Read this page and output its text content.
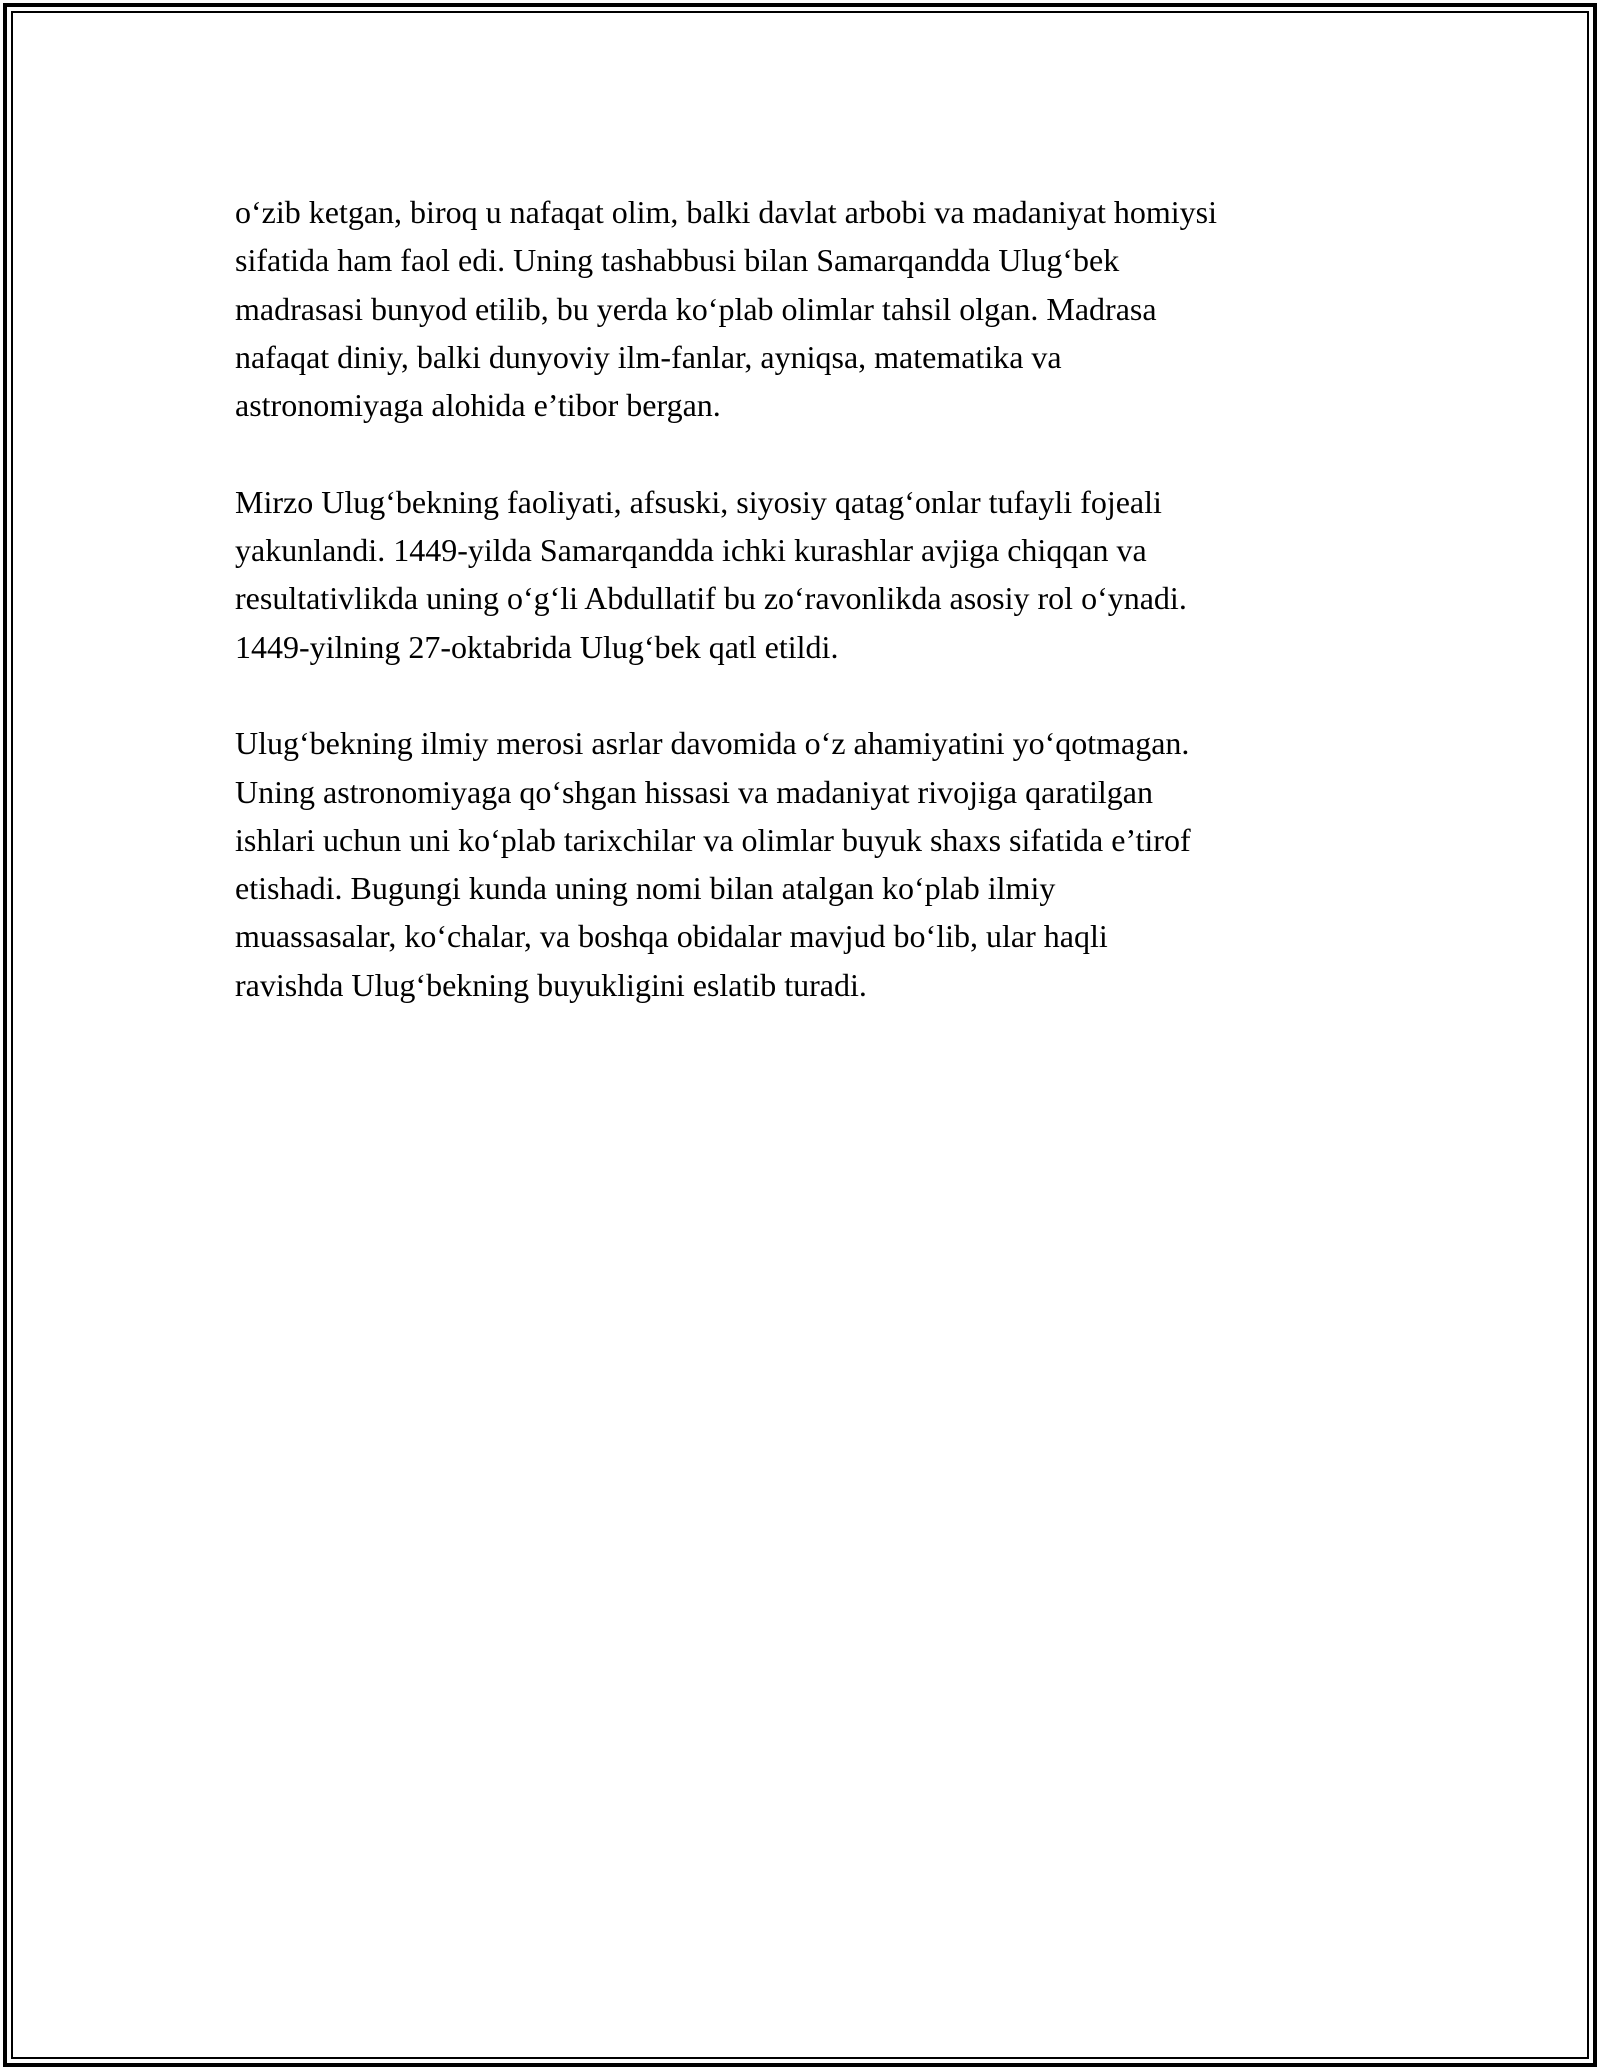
o‘zib ketgan, biroq u nafaqat olim, balki davlat arbobi va madaniyat homiysi
sifatida ham faol edi. Uning tashabbusi bilan Samarqandda Ulug‘bek
madrasasi bunyod etilib, bu yerda ko‘plab olimlar tahsil olgan. Madrasa
nafaqat diniy, balki dunyoviy ilm-fanlar, ayniqsa, matematika va
astronomiyaga alohida e’tibor bergan.

Mirzo Ulug‘bekning faoliyati, afsuski, siyosiy qatag‘onlar tufayli fojeali
yakunlandi. 1449-yilda Samarqandda ichki kurashlar avjiga chiqqan va
resultativlikda uning o‘g‘li Abdullatif bu zo‘ravonlikda asosiy rol o‘ynadi.
1449-yilning 27-oktabrida Ulug‘bek qatl etildi.

Ulug‘bekning ilmiy merosi asrlar davomida o‘z ahamiyatini yo‘qotmagan.
Uning astronomiyaga qo‘shgan hissasi va madaniyat rivojiga qaratilgan
ishlari uchun uni ko‘plab tarixchilar va olimlar buyuk shaxs sifatida e’tirof
etishadi. Bugungi kunda uning nomi bilan atalgan ko‘plab ilmiy
muassasalar, ko‘chalar, va boshqa obidalar mavjud bo‘lib, ular haqli
ravishda Ulug‘bekning buyukligini eslatib turadi.
